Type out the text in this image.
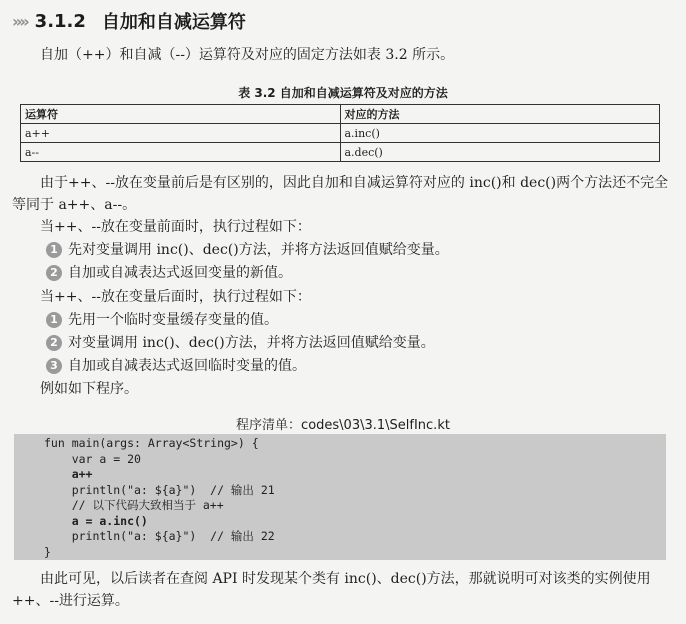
»» 3.1.2 自加和自减运算符
自加（++）和自减（--）运算符及对应的固定方法如表 3.2 所示。
表 3.2 自加和自减运算符及对应的方法
运算符	对应的方法
a++	a.inc()
a--	a.dec()
由于++、--放在变量前后是有区别的，因此自加和自减运算符对应的 inc()和 dec()两个方法还不完全等同于 a++、a--。
当++、--放在变量前面时，执行过程如下：
1 先对变量调用 inc()、dec()方法，并将方法返回值赋给变量。
2 自加或自减表达式返回变量的新值。
当++、--放在变量后面时，执行过程如下：
1 先用一个临时变量缓存变量的值。
2 对变量调用 inc()、dec()方法，并将方法返回值赋给变量。
3 自加或自减表达式返回临时变量的值。
例如如下程序。
程序清单：codes\03\3.1\SelfInc.kt
fun main(args: Array<String>) {
var a = 20
a++
println("a: ${a}")  // 输出 21
// 以下代码大致相当于 a++
a = a.inc()
println("a: ${a}")  // 输出 22
}
由此可见，以后读者在查阅 API 时发现某个类有 inc()、dec()方法，那就说明可对该类的实例使用++、--进行运算。
